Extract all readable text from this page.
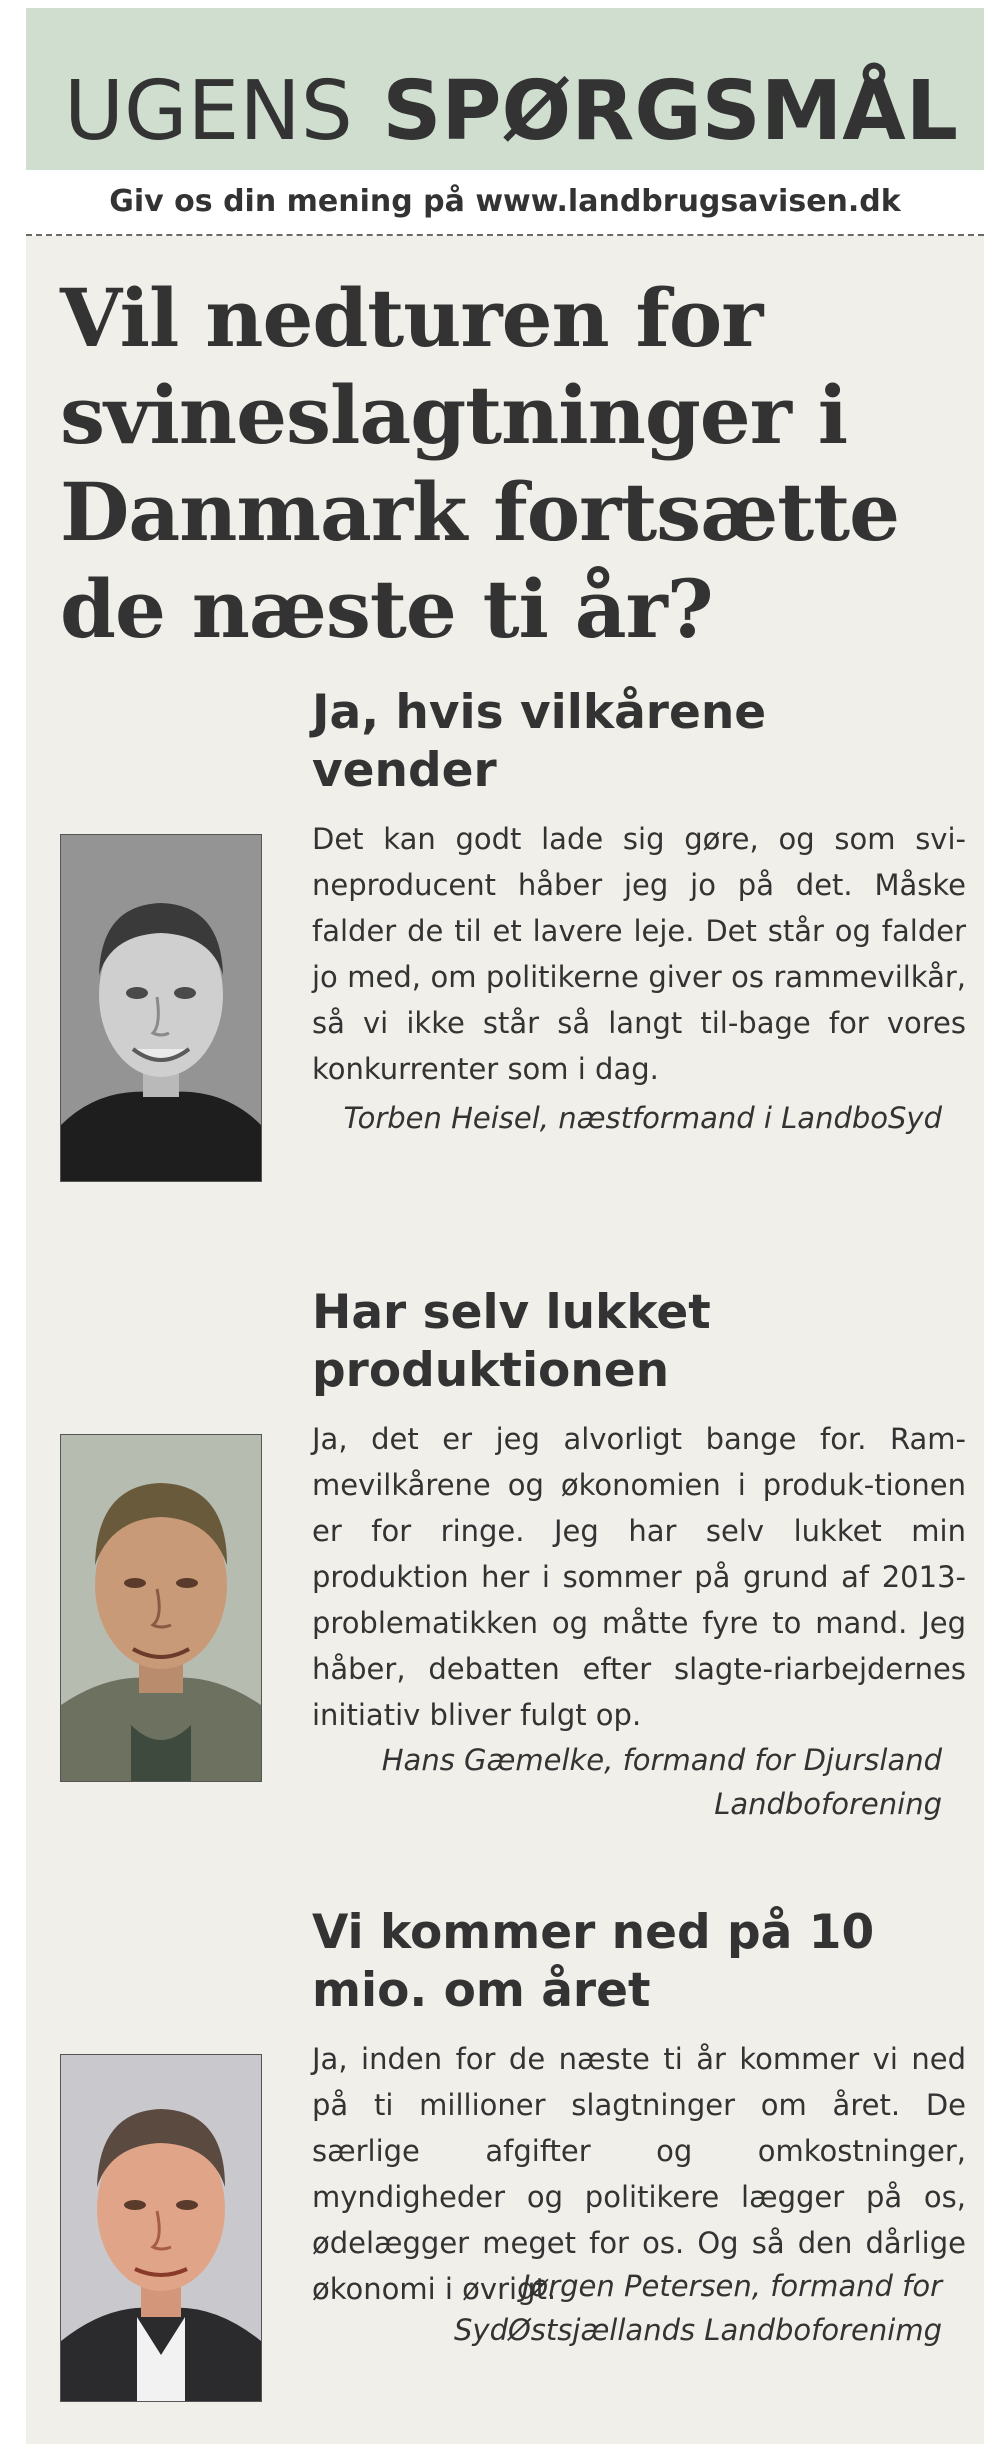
UGENS SPØRGSMÅL
Giv os din mening på www.landbrugsavisen.dk
Vil nedturen for svineslagtninger i Danmark fortsætte de næste ti år?
Ja, hvis vilkårene vender

Det kan godt lade sig gøre, og som svi-neproducent håber jeg jo på det. Måske falder de til et lavere leje. Det står og falder jo med, om politikerne giver os rammevilkår, så vi ikke står så langt til-bage for vores konkurrenter som i dag.

Torben Heisel, næstformand i LandboSyd

Har selv lukket produktionen

Ja, det er jeg alvorligt bange for. Ram-mevilkårene og økonomien i produk-tionen er for ringe. Jeg har selv lukket min produktion her i sommer på grund af 2013-problematikken og måtte fyre to mand. Jeg håber, debatten efter slagte-riarbejdernes initiativ bliver fulgt op.

Hans Gæmelke, formand for Djursland Landboforening

Vi kommer ned på 10 mio. om året

Ja, inden for de næste ti år kommer vi ned på ti millioner slagtninger om året. De særlige afgifter og omkostninger, myndigheder og politikere lægger på os, ødelægger meget for os. Og så den dårlige økonomi i øvrigt.

Jørgen Petersen, formand for SydØstsjællands Landboforenimg
